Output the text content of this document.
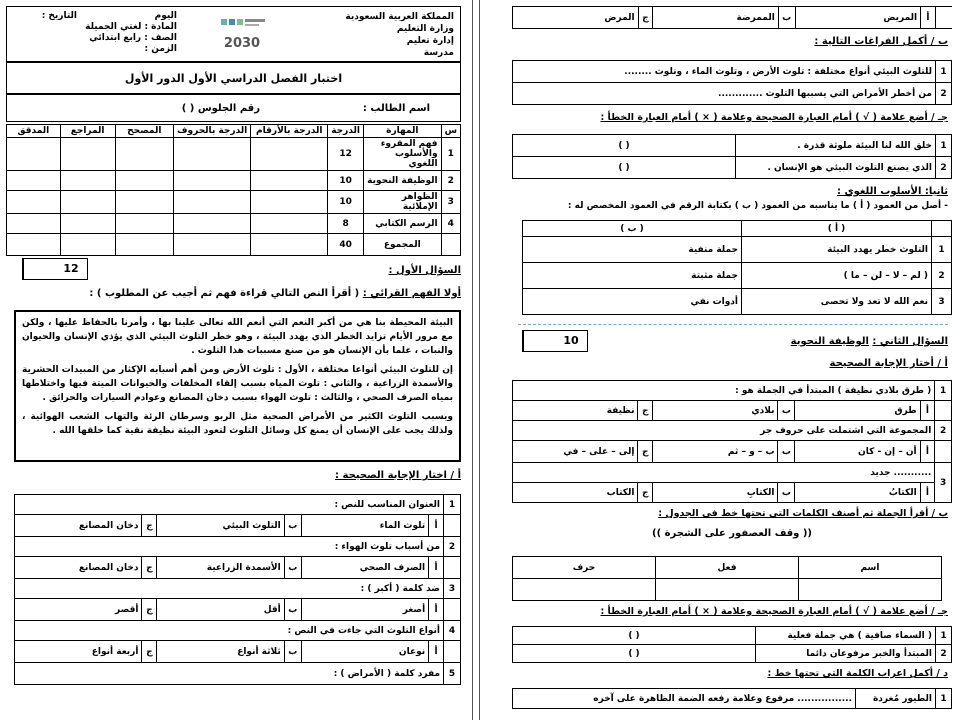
المملكة العربية السعودية
وزارة التعليم
إدارة تعليم
مدرسة
2030
اليوم
المادة : لغتي الجميلة
الصف : رابع ابتدائي
الزمن :
التاريخ :
اختبار الفصل الدراسي الأول الدور الأول
اسم الطالب :
رقم الجلوس ( )
س	المهارة	الدرجة	الدرجة بالأرقام	الدرجة بالحروف	المصحح	المراجع	المدقق
1	فهم المقروء والأسلوب اللغوي	12					
2	الوظيفة النحوية	10					
3	الظواهر الإملائية	10					
4	الرسم الكتابي	8					
	المجموع	40					
السؤال الأول :
12
أولا الفهم القرائي : ( أقرأ النص التالي قراءة فهم ثم أجيب عن المطلوب ) :

البيئة المحيطة بنا هي من أكبر النعم التي أنعم الله تعالى علينا بها ، وأمرنا بالحفاظ عليها ، ولكن مع مرور الأيام تزايد الخطر الذي يهدد البيئة ، وهو خطر التلوث البيئي الذي يؤذي الإنسان والحيوان والنبات ، علما بأن الإنسان هو من صنع مسببات هذا التلوث .

إن للتلوث البيئي أنواعا مختلفة ، الأول : تلوث الأرض ومن أهم أسبابه الإكثار من المبيدات الحشرية والأسمدة الزراعية ، والثاني : تلوث المياه بسبب إلقاء المخلفات والحيوانات الميتة فيها واختلاطها بمياه الصرف الصحي ، والثالث : تلوث الهواء بسبب دخان المصانع وعوادم السيارات والحرائق .

ويسبب التلوث الكثير من الأمراض الصحية مثل الربو وسرطان الرئة والتهاب الشعب الهوائية ، ولذلك يجب على الإنسان أن يمنع كل وسائل التلوث لتعود البيئة نظيفة نقية كما خلقها الله .

أ / اختار الإجابة الصحيحة :
1	العنوان المناسب للنص :					
	أ	تلوث الماء	ب	التلوث البيئي	ج	دخان المصانع
2	من أسباب تلوث الهواء :					
	أ	الصرف الصحي	ب	الأسمدة الزراعية	ج	دخان المصانع
3	ضد كلمة ( أكبر ) :					
	أ	أصغر	ب	أقل	ج	أقصر
4	أنواع التلوث التي جاءت في النص :					
	أ	نوعان	ب	ثلاثة أنواع	ج	أربعة أنواع
5	مفرد كلمة ( الأمراض ) :					
	أ	المريض	ب	الممرضة	ج	المرض
ب / أكمل الفراغات التالية :
1	للتلوث البيئي أنواع مختلفة : تلوث الأرض ، وتلوث الماء ، وتلوث ........
2	من أخطر الأمراض التي يسببها التلوث .............
جـ / أضع علامة ( √ ) أمام العبارة الصحيحة وعلامة ( × ) أمام العبارة الخطأ :
1	خلق الله لنا البيئة ملوثة قذرة .	( )
2	الذي يصنع التلوث البيئي هو الإنسان .	( )
ثانيا: الأسلوب اللغوي :
- أصل من العمود ( أ ) ما يناسبه من العمود ( ب ) بكتابة الرقم في العمود المخصص له :
	( أ )	( ب )
1	التلوث خطر يهدد البيئة	جملة منفية
2	( لم – لا – لن – ما )	جملة مثبتة
3	نعم الله لا تعد ولا تحصى	أدوات نفي
السؤال الثاني : الوظيفة النحوية
10
أ / أختار الإجابة الصحيحة
1	( طرق بلادي نظيفة ) المبتدأ في الجملة هو :					
	أ	طرق	ب	بلادي	ج	نظيفة
2	المجموعة التي اشتملت على حروف جر					
	أ	أن – إن - كان	ب	ب – و – ثم	ج	إلى – على – في
3	........... جديد					
	أ	الكتابُ	ب	الكتابِ	ج	الكتاب
ب / أقرأ الجملة ثم أصنف الكلمات التي تحتها خط في الجدول :
(( وقف العصفور على الشجرة ))
اسم	فعل	حرف

جـ / أضع علامة ( √ ) أمام العبارة الصحيحة وعلامة ( × ) أمام العبارة الخطأ :
1	( السماء صافية ) هي جملة فعلية	( )
2	المبتدأ والخبر مرفوعان دائما	( )
د / أكمل اعراب الكلمة التي تحتها خط :
1	الطيور مُغردة	................ مرفوع وعلامة رفعه الضمة الظاهرة على آخره
